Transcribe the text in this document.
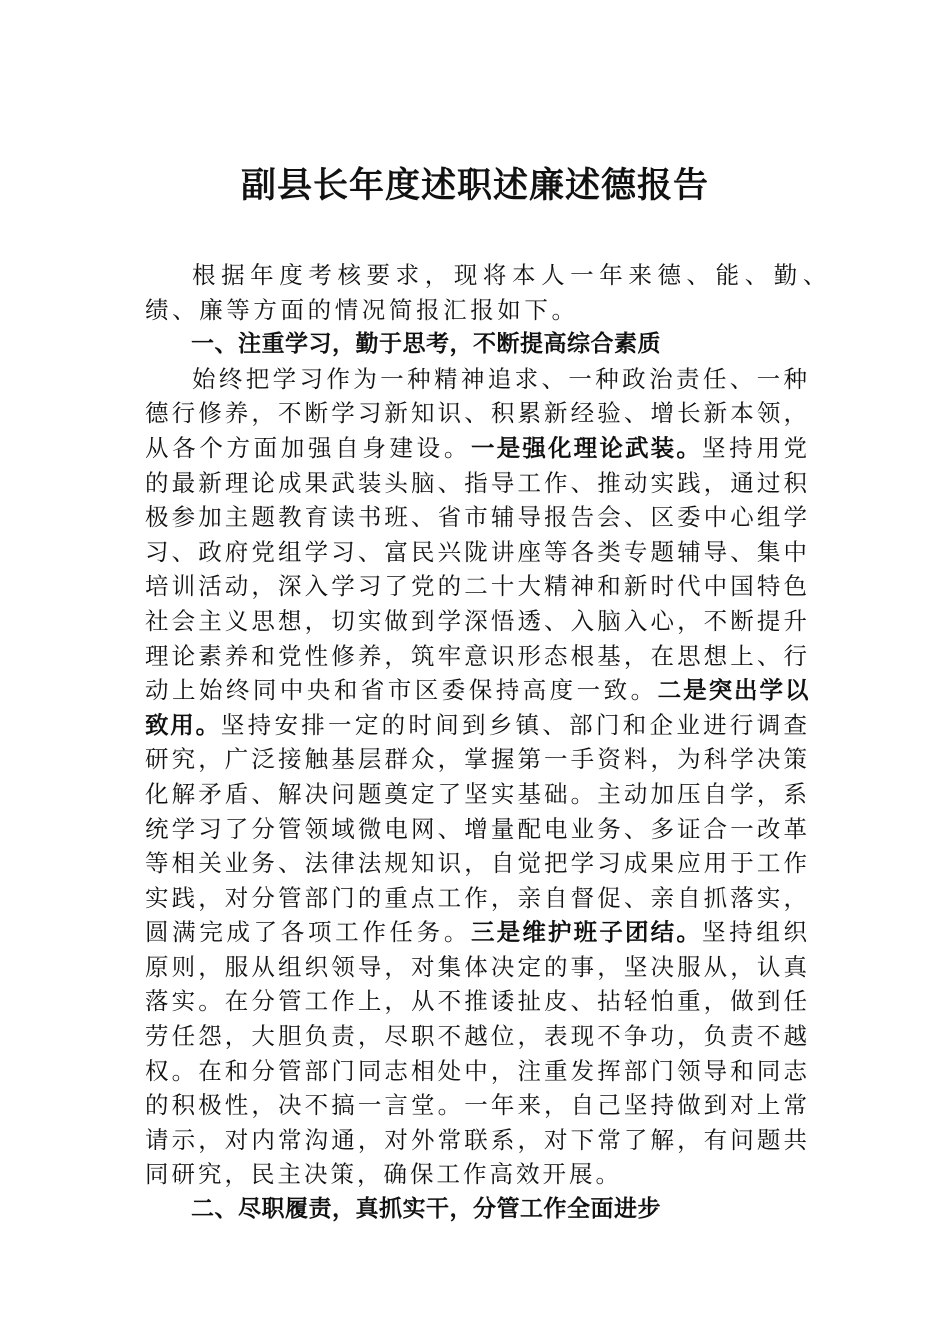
副县长年度述职述廉述德报告

根据年度考核要求，现将本人一年来德、能、勤、绩、廉等方面的情况简报汇报如下。

一、注重学习，勤于思考，不断提高综合素质

始终把学习作为一种精神追求、一种政治责任、一种德行修养，不断学习新知识、积累新经验、增长新本领，从各个方面加强自身建设。一是强化理论武装。坚持用党的最新理论成果武装头脑、指导工作、推动实践，通过积极参加主题教育读书班、省市辅导报告会、区委中心组学习、政府党组学习、富民兴陇讲座等各类专题辅导、集中培训活动，深入学习了党的二十大精神和新时代中国特色社会主义思想，切实做到学深悟透、入脑入心，不断提升理论素养和党性修养，筑牢意识形态根基，在思想上、行动上始终同中央和省市区委保持高度一致。二是突出学以致用。坚持安排一定的时间到乡镇、部门和企业进行调查研究，广泛接触基层群众，掌握第一手资料，为科学决策化解矛盾、解决问题奠定了坚实基础。主动加压自学，系统学习了分管领域微电网、增量配电业务、多证合一改革等相关业务、法律法规知识，自觉把学习成果应用于工作实践，对分管部门的重点工作，亲自督促、亲自抓落实，圆满完成了各项工作任务。三是维护班子团结。坚持组织原则，服从组织领导，对集体决定的事，坚决服从，认真落实。在分管工作上，从不推诿扯皮、拈轻怕重，做到任劳任怨，大胆负责，尽职不越位，表现不争功，负责不越权。在和分管部门同志相处中，注重发挥部门领导和同志的积极性，决不搞一言堂。一年来，自己坚持做到对上常请示，对内常沟通，对外常联系，对下常了解，有问题共同研究，民主决策，确保工作高效开展。

二、尽职履责，真抓实干，分管工作全面进步
